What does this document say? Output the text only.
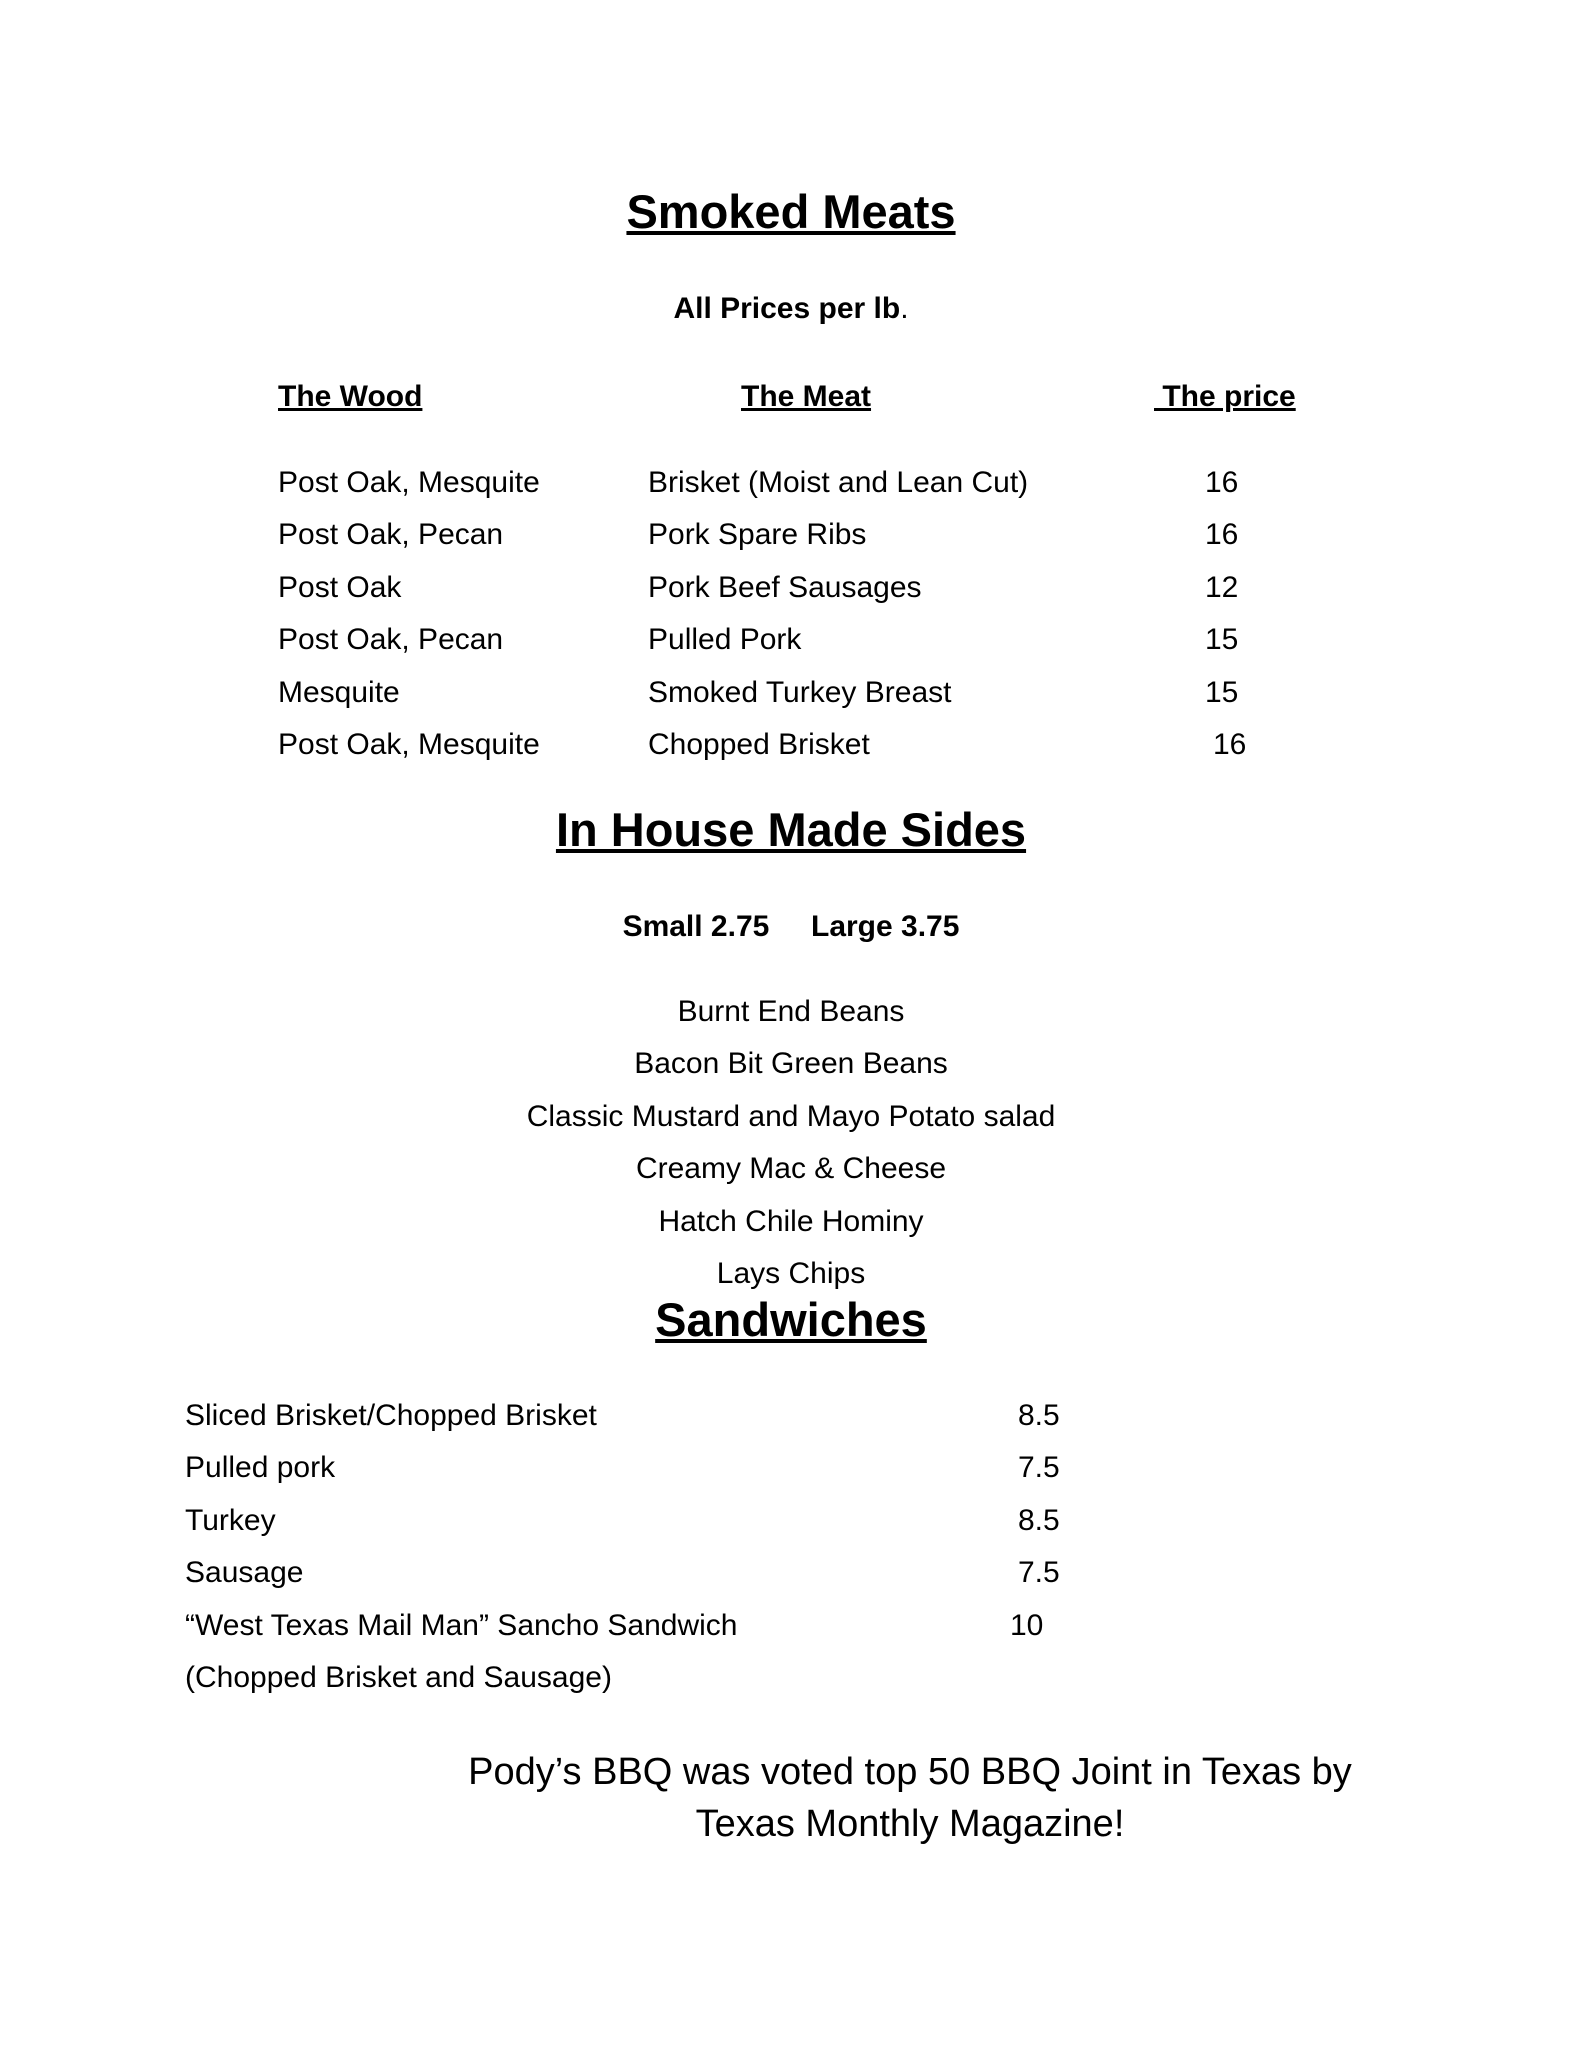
Smoked Meats
All Prices per lb.
The Wood	The Meat	The price
Post Oak, Mesquite	Brisket (Moist and Lean Cut)	16
Post Oak, Pecan	Pork Spare Ribs	16
Post Oak	Pork Beef Sausages	12
Post Oak, Pecan	Pulled Pork	15
Mesquite	Smoked Turkey Breast	15
Post Oak, Mesquite	Chopped Brisket	16
In House Made Sides
Small 2.75     Large 3.75
Burnt End Beans
Bacon Bit Green Beans
Classic Mustard and Mayo Potato salad
Creamy Mac & Cheese
Hatch Chile Hominy
Lays Chips
Sandwiches
Sliced Brisket/Chopped Brisket	8.5
Pulled pork	7.5
Turkey	8.5
Sausage	7.5
“West Texas Mail Man” Sancho Sandwich	10
(Chopped Brisket and Sausage)
Pody’s BBQ was voted top 50 BBQ Joint in Texas by
Texas Monthly Magazine!
